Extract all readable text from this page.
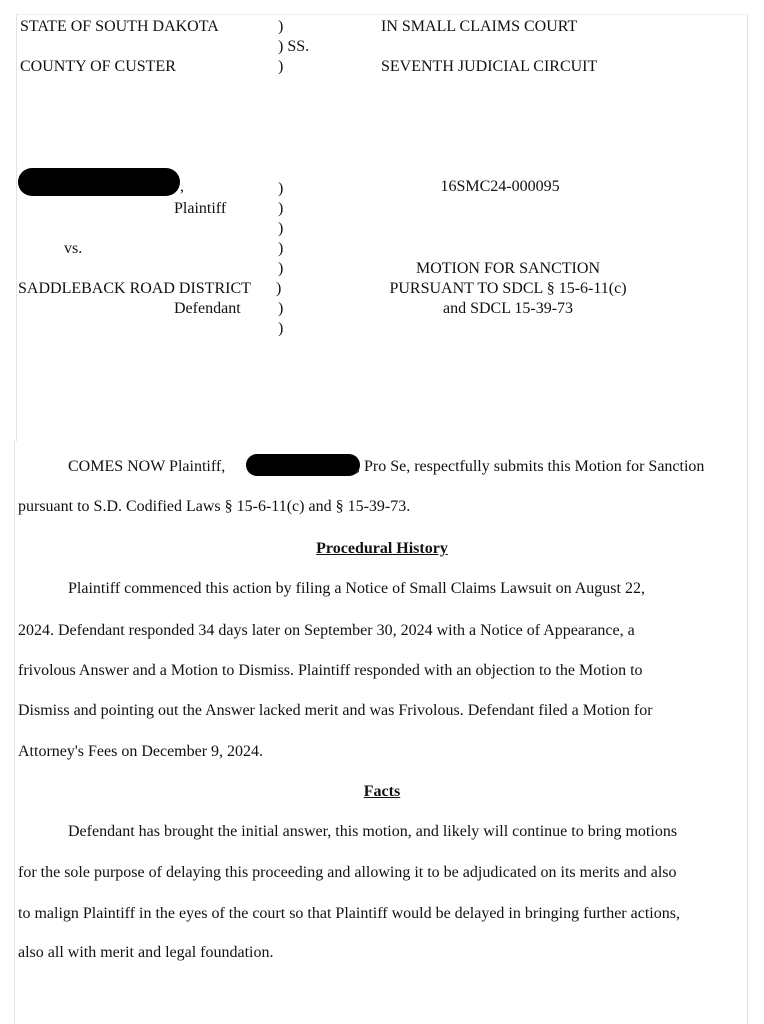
STATE OF SOUTH DAKOTA
COUNTY OF CUSTER
)
) SS.
)
IN SMALL CLAIMS COURT
SEVENTH JUDICIAL CIRCUIT
,
Plaintiff
vs.
SADDLEBACK ROAD DISTRICT
Defendant
)
)
)
)
)
)
)
)
16SMC24-000095
MOTION FOR SANCTION
PURSUANT TO SDCL § 15-6-11(c)
and SDCL 15-39-73
COMES NOW Plaintiff,	, Pro Se, respectfully submits this Motion for Sanction
pursuant to S.D. Codified Laws § 15-6-11(c) and § 15-39-73.
Procedural History
Plaintiff commenced this action by filing a Notice of Small Claims Lawsuit on August 22,
2024. Defendant responded 34 days later on September 30, 2024 with a Notice of Appearance, a
frivolous Answer and a Motion to Dismiss. Plaintiff responded with an objection to the Motion to
Dismiss and pointing out the Answer lacked merit and was Frivolous. Defendant filed a Motion for
Attorney's Fees on December 9, 2024.
Facts
Defendant has brought the initial answer, this motion, and likely will continue to bring motions
for the sole purpose of delaying this proceeding and allowing it to be adjudicated on its merits and also
to malign Plaintiff in the eyes of the court so that Plaintiff would be delayed in bringing further actions,
also all with merit and legal foundation.
